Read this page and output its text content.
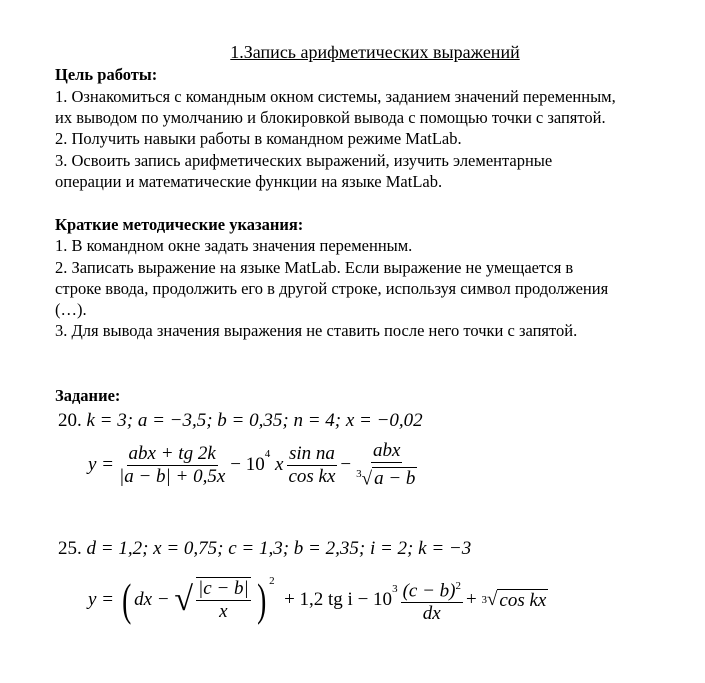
1.Запись арифметических выражений
Цель работы:
1. Ознакомиться с командным окном системы, заданием значений переменным,
их выводом по умолчанию и блокировкой вывода с помощью точки с запятой.
2. Получить навыки работы в командном режиме MatLab.
3. Освоить запись арифметических выражений, изучить элементарные
операции и математические функции на языке MatLab.
Краткие методические указания:
1. В командном окне задать значения переменным.
2. Записать выражение на языке MatLab. Если выражение не умещается в
строке ввода, продолжить его в другой строке, используя символ продолжения
(…).
3. Для вывода значения выражения не ставить после него точки с запятой.
Задание:
20.
k = 3; a = −3,5; b = 0,35; n = 4; x = −0,02
y =
abx + tg 2k
|a − b| + 0,5x
− 10
$^4$

x
sin na
cos kx
−
abx
$^3$√ a − b
25.
d = 1,2; x = 0,75; c = 1,3; b = 2,35; i = 2; k = −3
y =
( dx −
√ |c − b|
x ) $^2$

+ 1,2 tg i − 10
$^3$ $(c - b)^2$
dx
+
3 √ cos kx
